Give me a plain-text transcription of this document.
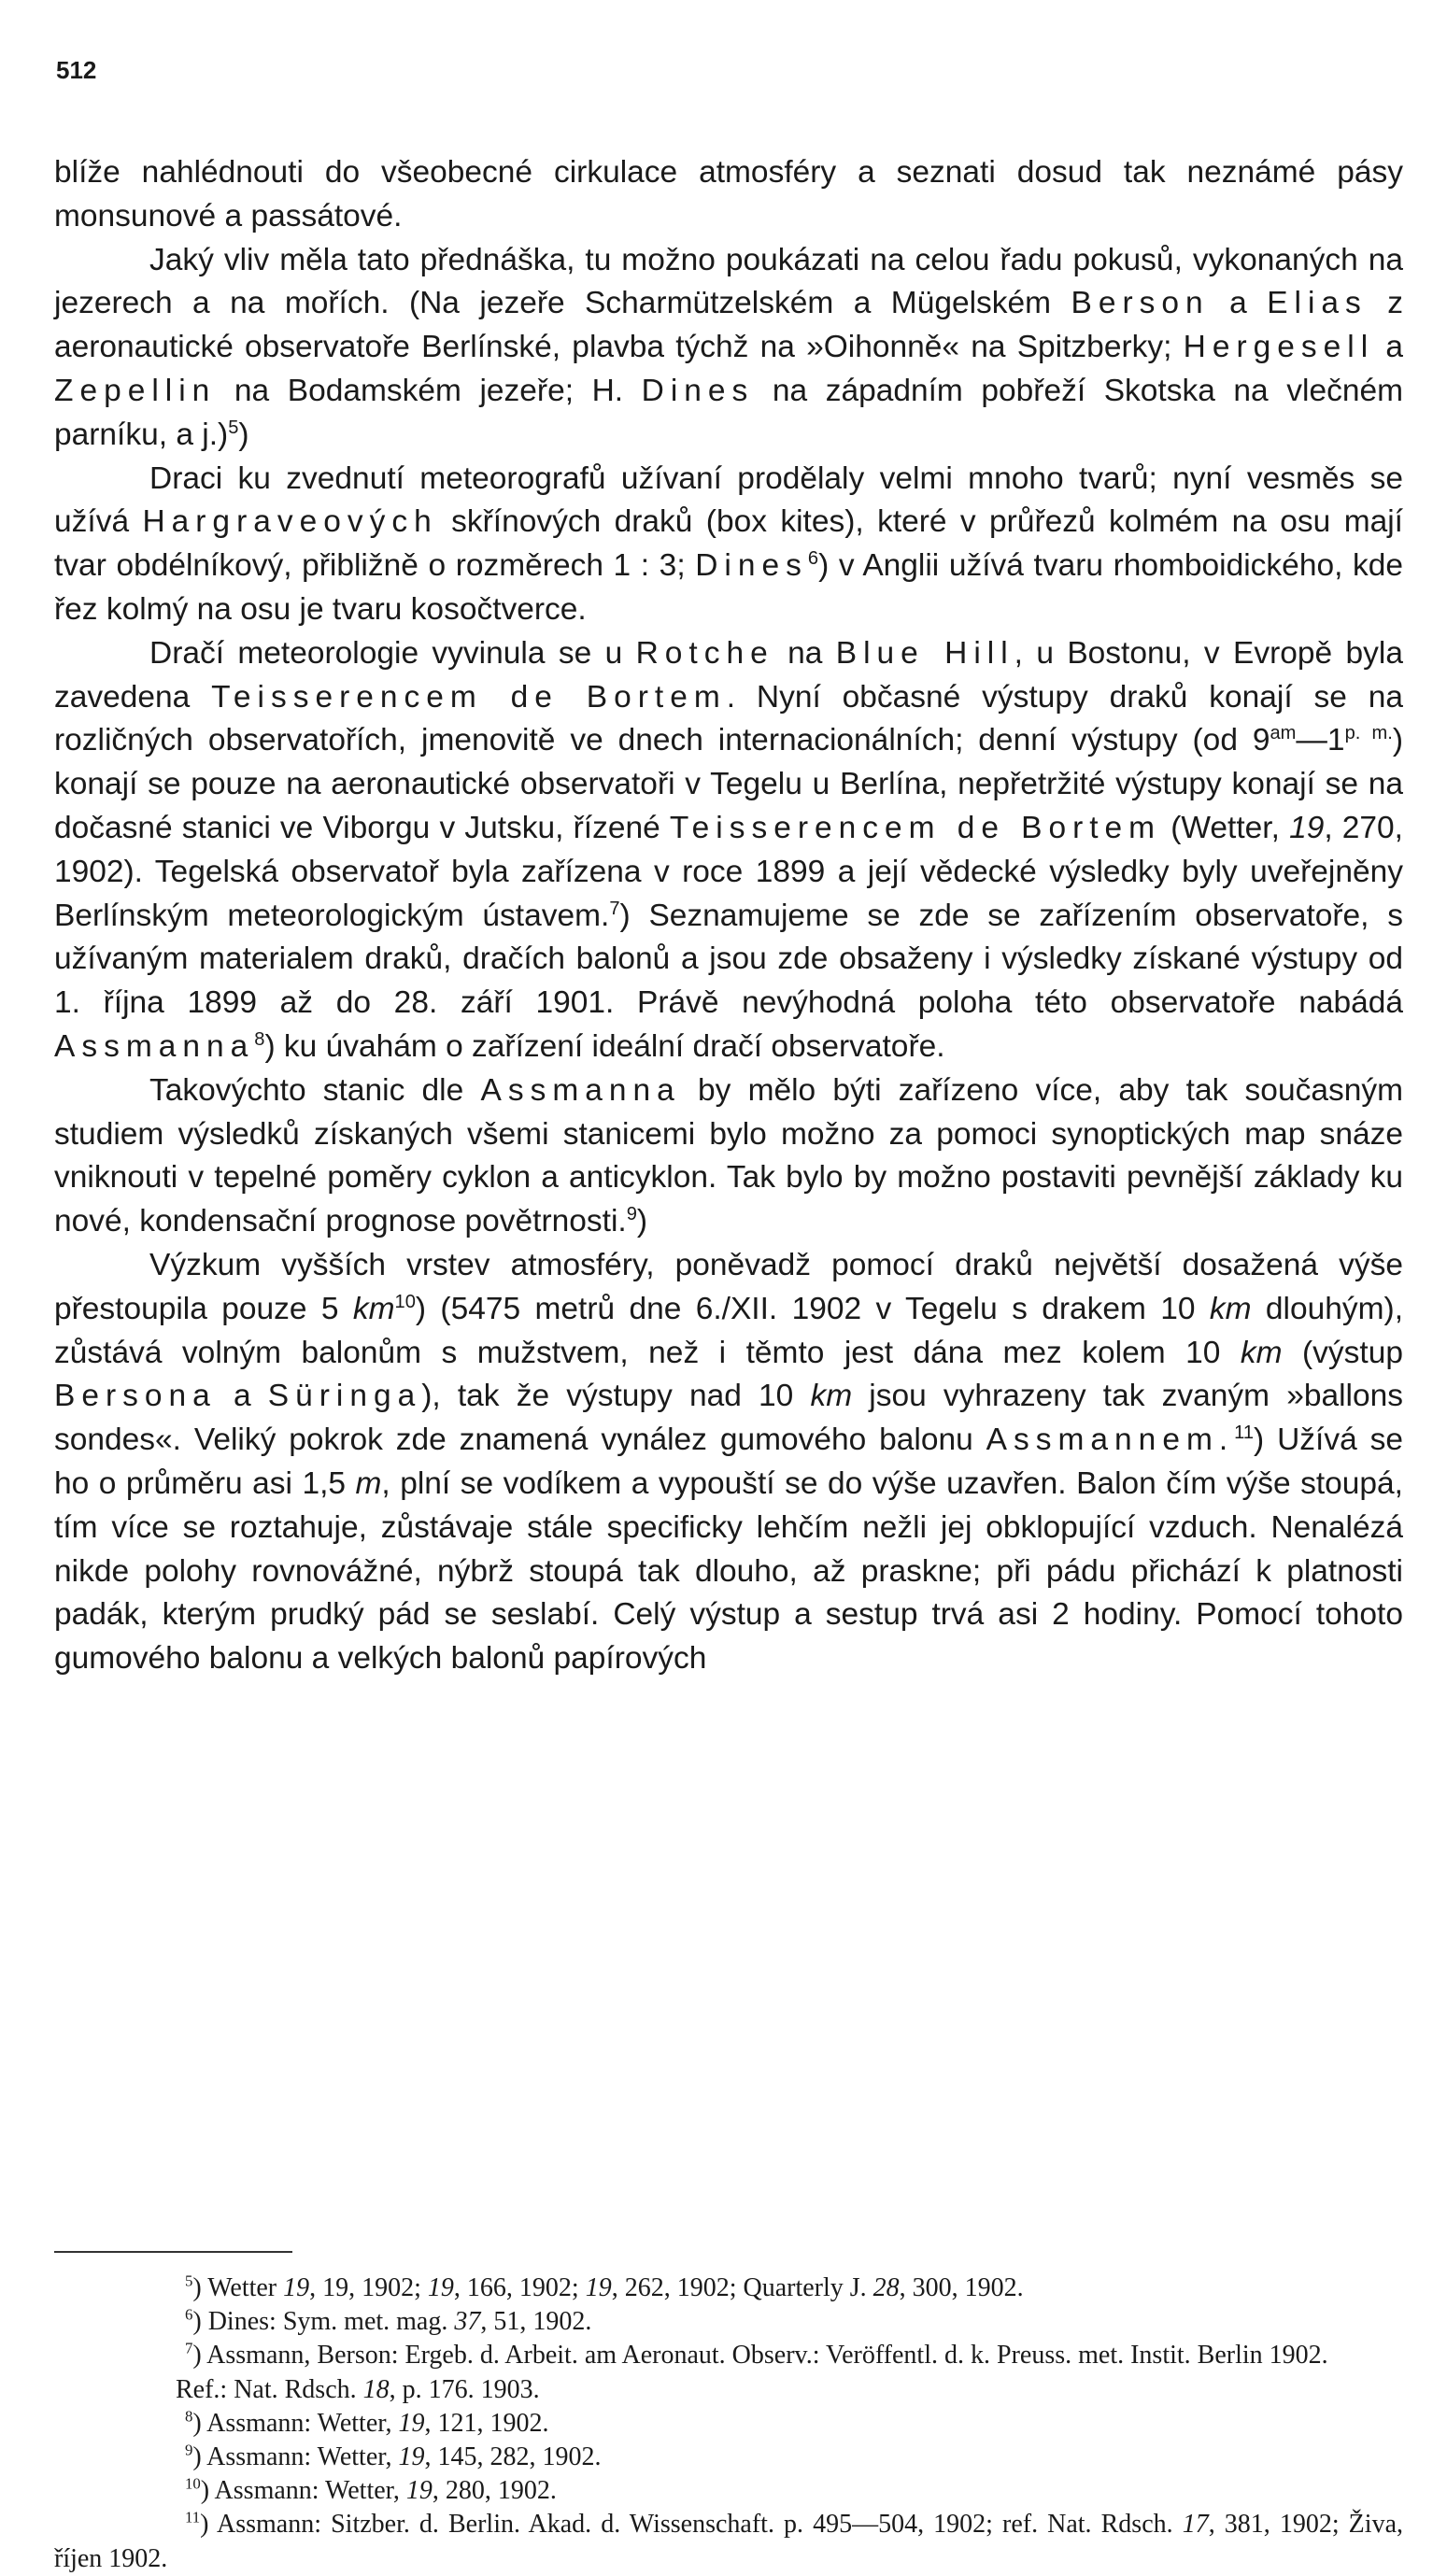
512

blíže nahlédnouti do všeobecné cirkulace atmosféry a seznati dosud tak neznámé pásy monsunové a passátové.

Jaký vliv měla tato přednáška, tu možno poukázati na celou řadu pokusů, vykonaných na jezerech a na mořích. (Na jezeře Scharmützelském a Mügelském Berson a Elias z aeronautické observatoře Berlínské, plavba týchž na »Oihonně« na Spitzberky; Hergesell a Zepellin na Bodamském jezeře; H. Dines na západním pobřeží Skotska na vlečném parníku, a j.)$^5$)

Draci ku zvednutí meteorografů užívaní prodělaly velmi mnoho tvarů; nyní vesměs se užívá Hargraveových skřínových draků (box kites), které v průřezů kolmém na osu mají tvar obdélníkový, přibližně o rozměrech 1 : 3; Dines$^6$) v Anglii užívá tvaru rhomboidického, kde řez kolmý na osu je tvaru kosočtverce.

Dračí meteorologie vyvinula se u Rotche na Blue Hill, u Bostonu, v Evropě byla zavedena Teisserencem de Bortem. Nyní občasné výstupy draků konají se na rozličných observatořích, jmenovitě ve dnech internacionálních; denní výstupy (od $9^{am}—1^{p. m.}$) konají se pouze na aeronautické observatoři v Tegelu u Berlína, nepřetržité výstupy konají se na dočasné stanici ve Viborgu v Jutsku, řízené Teisserencem de Bortem (Wetter, 19, 270, 1902). Tegelská observatoř byla zařízena v roce 1899 a její vědecké výsledky byly uveřejněny Berlínským meteorologickým ústavem.$^7$) Seznamujeme se zde se zařízením observatoře, s užívaným materialem draků, dračích balonů a jsou zde obsaženy i výsledky získané výstupy od 1. října 1899 až do 28. září 1901. Právě nevýhodná poloha této observatoře nabádá Assmanna$^8$) ku úvahám o zařízení ideální dračí observatoře.

Takovýchto stanic dle Assmanna by mělo býti zařízeno více, aby tak současným studiem výsledků získaných všemi stanicemi bylo možno za pomoci synoptických map snáze vniknouti v tepelné poměry cyklon a anticyklon. Tak bylo by možno postaviti pevnější základy ku nové, kondensační prognose povětrnosti.$^9$)

Výzkum vyšších vrstev atmosféry, poněvadž pomocí draků největší dosažená výše přestoupila pouze 5 $km^{10}$) (5475 metrů dne 6./XII. 1902 v Tegelu s drakem 10 km dlouhým), zůstává volným balonům s mužstvem, než i těmto jest dána mez kolem 10 km (výstup Bersona a Süringa), tak že výstupy nad 10 km jsou vyhrazeny tak zvaným »ballons sondes«. Veliký pokrok zde znamená vynález gumového balonu Assmannem.$^{11}$) Užívá se ho o průměru asi 1,5 m, plní se vodíkem a vypouští se do výše uzavřen. Balon čím výše stoupá, tím více se roztahuje, zůstávaje stále specificky lehčím nežli jej obklopující vzduch. Nenalézá nikde polohy rovnovážné, nýbrž stoupá tak dlouho, až praskne; při pádu přichází k platnosti padák, kterým prudký pád se seslabí. Celý výstup a sestup trvá asi 2 hodiny. Pomocí tohoto gumového balonu a velkých balonů papírových

$^5$) Wetter 19, 19, 1902; 19, 166, 1902; 19, 262, 1902; Quarterly J. 28, 300, 1902.

$^6$) Dines: Sym. met. mag. 37, 51, 1902.

$^7$) Assmann, Berson: Ergeb. d. Arbeit. am Aeronaut. Observ.: Veröffentl. d. k. Preuss. met. Instit. Berlin 1902.

Ref.: Nat. Rdsch. 18, p. 176. 1903.

$^8$) Assmann: Wetter, 19, 121, 1902.

$^9$) Assmann: Wetter, 19, 145, 282, 1902.

$^{10}$) Assmann: Wetter, 19, 280, 1902.

$^{11}$) Assmann: Sitzber. d. Berlin. Akad. d. Wissenschaft. p. 495—504, 1902; ref. Nat. Rdsch. 17, 381, 1902; Živa, říjen 1902.
